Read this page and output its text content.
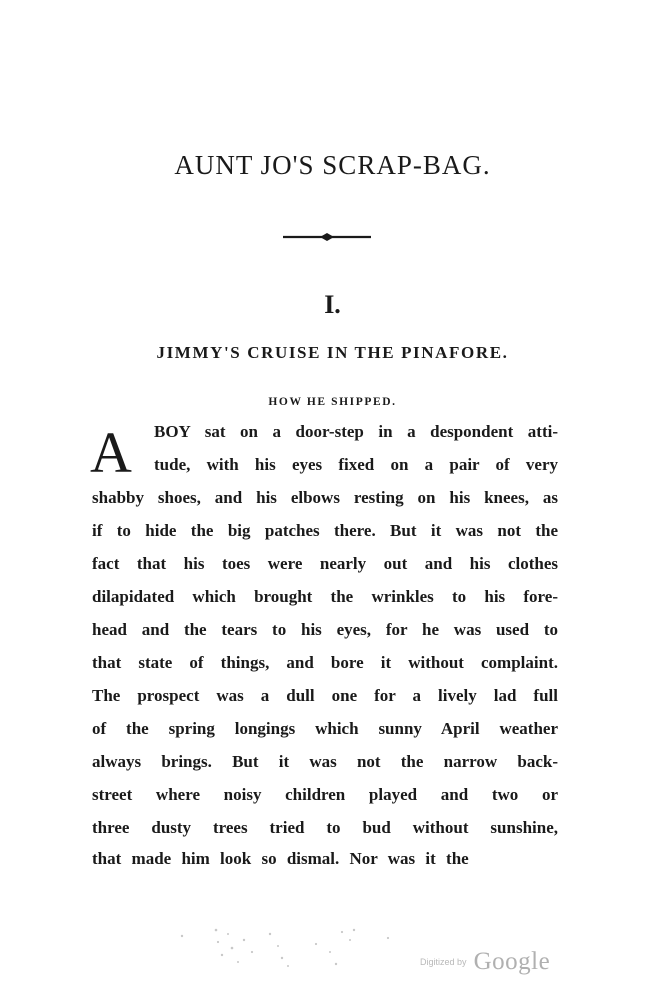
AUNT JO'S SCRAP-BAG.
I.
JIMMY'S CRUISE IN THE PINAFORE.
HOW HE SHIPPED.
A BOY sat on a door-step in a despondent atti-
tude, with his eyes fixed on a pair of very
shabby shoes, and his elbows resting on his knees, as
if to hide the big patches there. But it was not the
fact that his toes were nearly out and his clothes
dilapidated which brought the wrinkles to his fore-
head and the tears to his eyes, for he was used to
that state of things, and bore it without complaint.
The prospect was a dull one for a lively lad full
of the spring longings which sunny April weather
always brings. But it was not the narrow back-
street where noisy children played and two or
three dusty trees tried to bud without sunshine,
that made him look so dismal. Nor was it the
Digitized by Google
